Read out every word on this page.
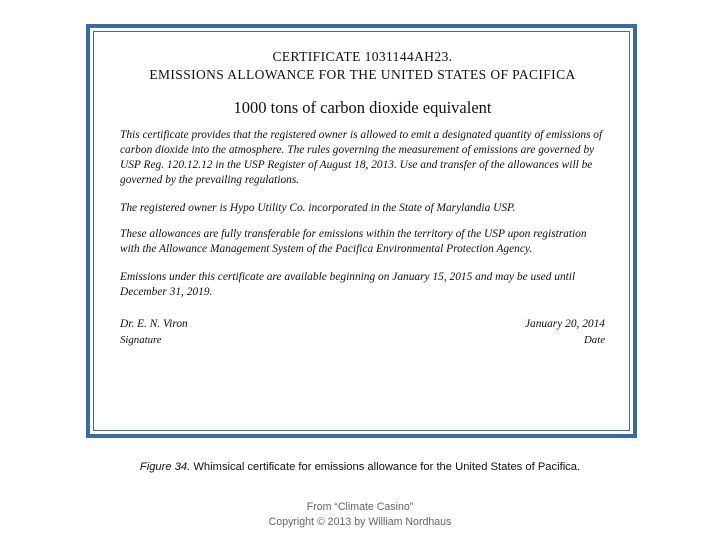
CERTIFICATE 1031144AH23.
EMISSIONS ALLOWANCE FOR THE UNITED STATES OF PACIFICA
1000 tons of carbon dioxide equivalent

This certificate provides that the registered owner is allowed to emit a designated quantity of emissions of carbon dioxide into the atmosphere. The rules governing the measurement of emissions are governed by USP Reg. 120.12.12 in the USP Register of August 18, 2013. Use and transfer of the allowances will be governed by the prevailing regulations.

The registered owner is Hypo Utility Co. incorporated in the State of Marylandia USP.

These allowances are fully transferable for emissions within the territory of the USP upon registration with the Allowance Management System of the Pacifica Environmental Protection Agency.

Emissions under this certificate are available beginning on January 15, 2015 and may be used until December 31, 2019.

Dr. E. N. Viron	January 20, 2014
Signature	Date
Figure 34. Whimsical certificate for emissions allowance for the United States of Pacifica.
From “Climate Casino”
Copyright © 2013 by William Nordhaus
